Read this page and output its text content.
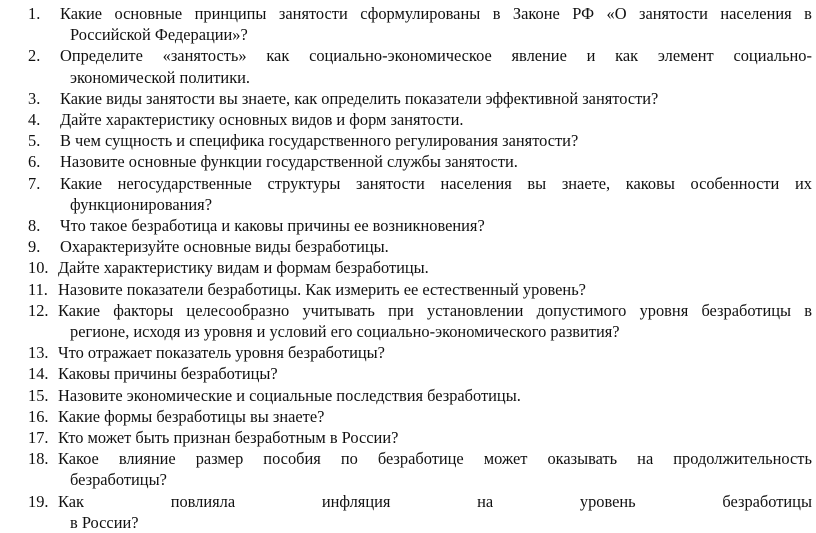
1. Какие основные принципы занятости сформулированы в Законе РФ «О занятости населения в
Российской Федерации»?
2. Определите «занятость» как социально-экономическое явление и как элемент социально-
экономической политики.
3. Какие виды занятости вы знаете, как определить показатели эффективной занятости?
4. Дайте характеристику основных видов и форм занятости.
5. В чем сущность и специфика государственного регулирования занятости?
6. Назовите основные функции государственной службы занятости.
7. Какие негосударственные структуры занятости населения вы знаете, каковы особенности их
функционирования?
8. Что такое безработица и каковы причины ее возникновения?
9. Охарактеризуйте основные виды безработицы.
10. Дайте характеристику видам и формам безработицы.
11. Назовите показатели безработицы. Как измерить ее естественный уровень?
12. Какие факторы целесообразно учитывать при установлении допустимого уровня безработицы в
регионе, исходя из уровня и условий его социально-экономического развития?
13. Что отражает показатель уровня безработицы?
14. Каковы причины безработицы?
15. Назовите экономические и социальные последствия безработицы.
16. Какие формы безработицы вы знаете?
17. Кто может быть признан безработным в России?
18. Какое влияние размер пособия по безработице может оказывать на продолжительность
безработицы?
19. Как	повлияла	инфляция	на	уровень	безработицы
в России?
